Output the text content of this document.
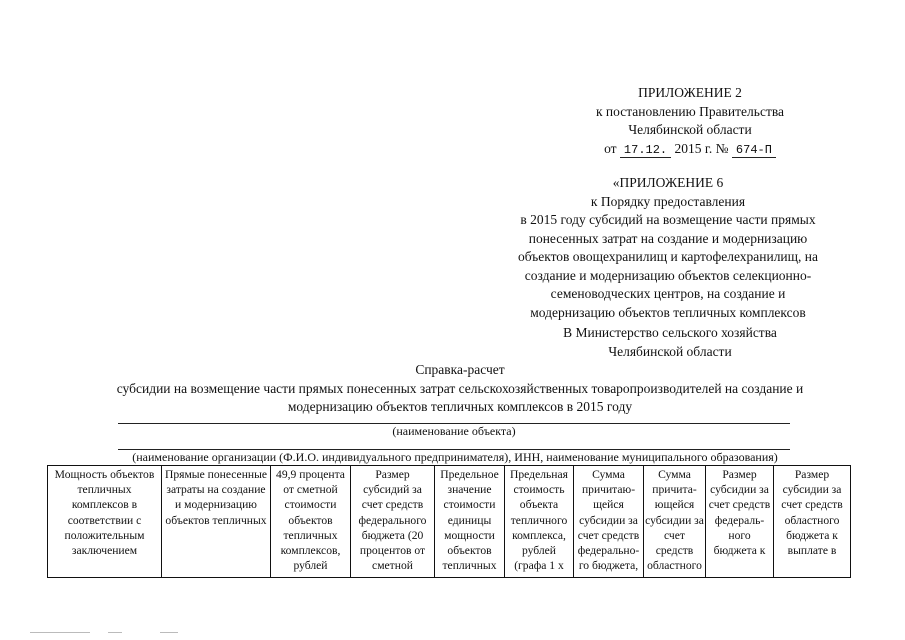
ПРИЛОЖЕНИЕ 2
к постановлению Правительства
Челябинской области
от 17.12. 2015 г. № 674-П
«ПРИЛОЖЕНИЕ 6
к Порядку предоставления
в 2015 году субсидий на возмещение части прямых
понесенных затрат на создание и модернизацию
объектов овощехранилищ и картофелехранилищ, на
создание и модернизацию объектов селекционно-
семеноводческих центров, на создание и
модернизацию объектов тепличных комплексов
В Министерство сельского хозяйства
Челябинской области
Справка-расчет
субсидии на возмещение части прямых понесенных затрат сельскохозяйственных товаропроизводителей на создание и
модернизацию объектов тепличных комплексов в 2015 году
(наименование объекта)
(наименование организации (Ф.И.О. индивидуального предпринимателя), ИНН, наименование муниципального образования)
Мощность объектов тепличных комплексов в соответствии с положительным заключением	Прямые понесенные затраты на создание и модернизацию объектов тепличных	49,9 процента от сметной стоимости объектов тепличных комплексов, рублей	Размер субсидий за счет средств федерального бюджета (20 процентов от сметной	Предельное значение стоимости единицы мощности объектов тепличных	Предельная стоимость объекта тепличного комплекса, рублей (графа 1 х	Сумма причитаю-щейся субсидии за счет средств федерально-го бюджета,	Сумма причита-ющейся субсидии за счет средств областного	Размер субсидии за счет средств федераль-ного бюджета к	Размер субсидии за счет средств областного бюджета к выплате в
